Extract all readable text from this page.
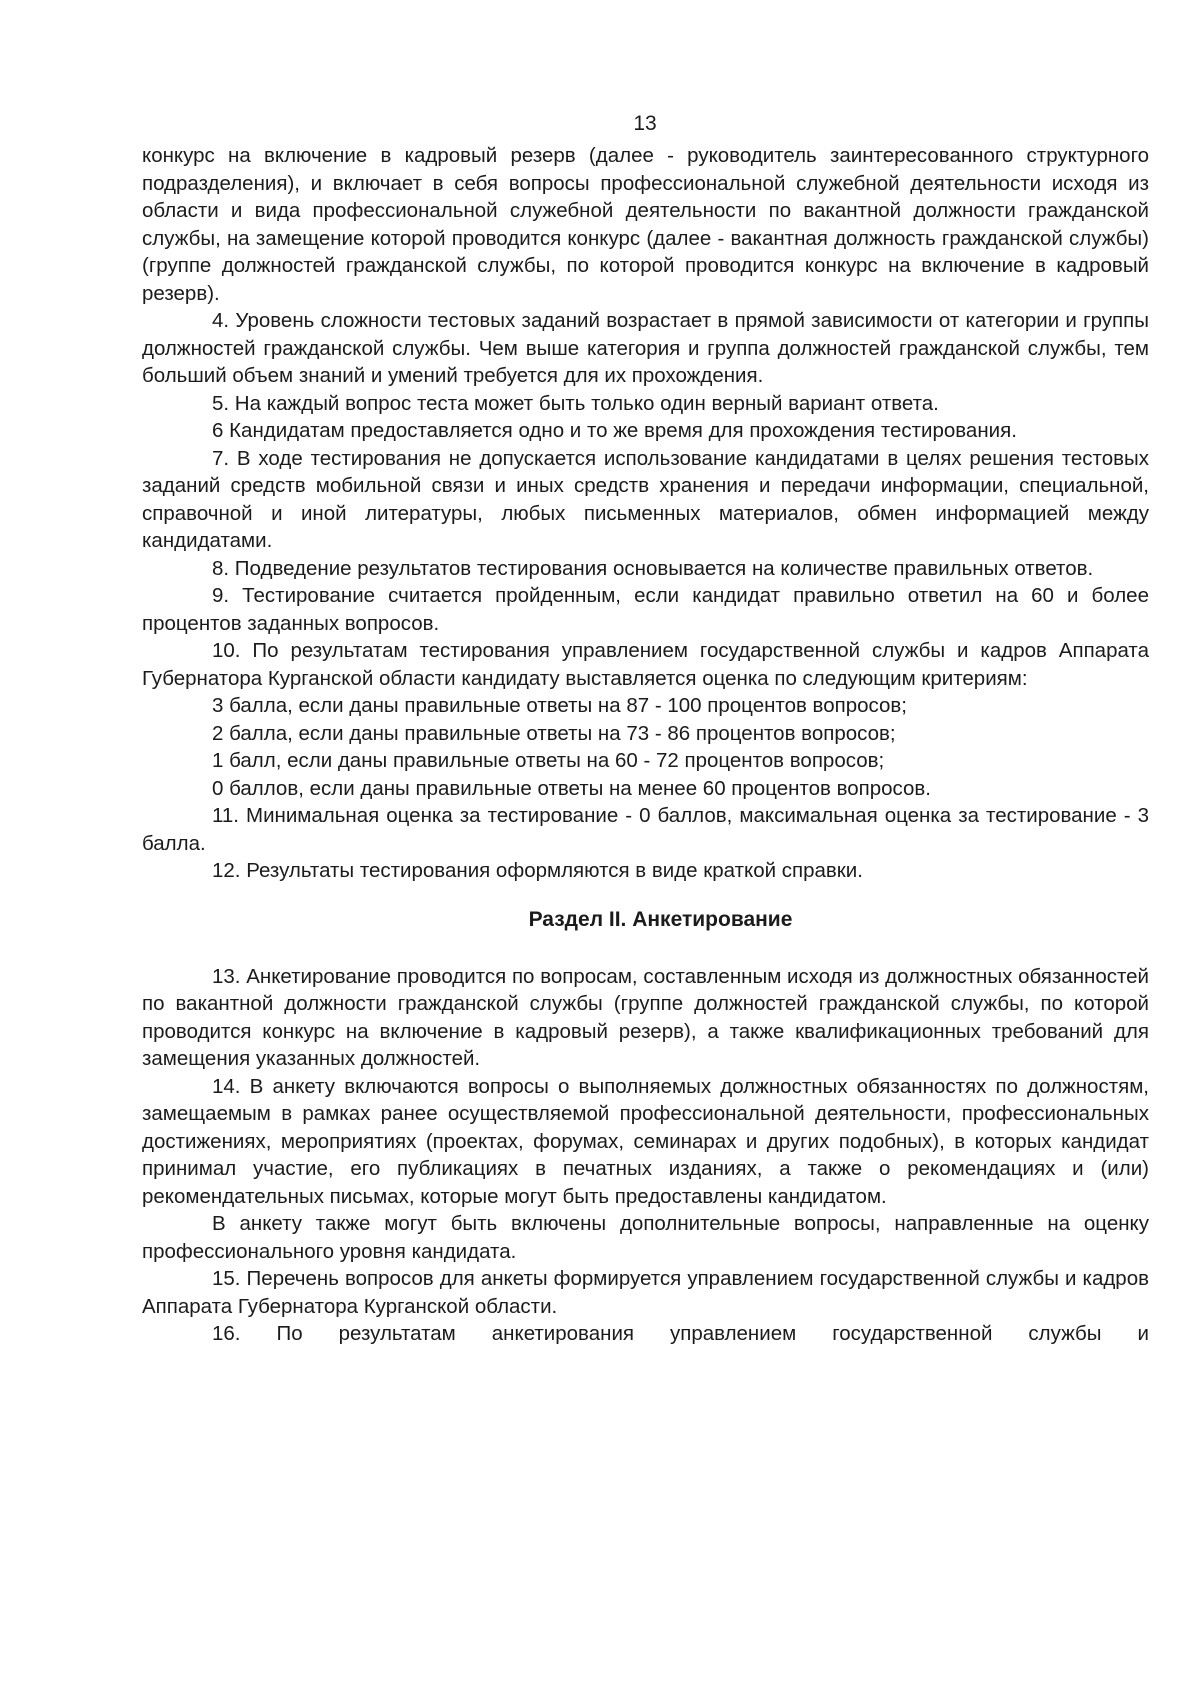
13

конкурс на включение в кадровый резерв (далее - руководитель заинтересованного структурного подразделения), и включает в себя вопросы профессиональной служебной деятельности исходя из области и вида профессиональной служебной деятельности по вакантной должности гражданской службы, на замещение которой проводится конкурс (далее - вакантная должность гражданской службы) (группе должностей гражданской службы, по которой проводится конкурс на включение в кадровый резерв).

4. Уровень сложности тестовых заданий возрастает в прямой зависимости от категории и группы должностей гражданской службы. Чем выше категория и группа должностей гражданской службы, тем больший объем знаний и умений требуется для их прохождения.

5. На каждый вопрос теста может быть только один верный вариант ответа.

6 Кандидатам предоставляется одно и то же время для прохождения тестирования.

7. В ходе тестирования не допускается использование кандидатами в целях решения тестовых заданий средств мобильной связи и иных средств хранения и передачи информации, специальной, справочной и иной литературы, любых письменных материалов, обмен информацией между кандидатами.

8. Подведение результатов тестирования основывается на количестве правильных ответов.

9. Тестирование считается пройденным, если кандидат правильно ответил на 60 и более процентов заданных вопросов.

10. По результатам тестирования управлением государственной службы и кадров Аппарата Губернатора Курганской области кандидату выставляется оценка по следующим критериям:

3 балла, если даны правильные ответы на 87 - 100 процентов вопросов;

2 балла, если даны правильные ответы на 73 - 86 процентов вопросов;

1 балл, если даны правильные ответы на 60 - 72 процентов вопросов;

0 баллов, если даны правильные ответы на менее 60 процентов вопросов.

11. Минимальная оценка за тестирование - 0 баллов, максимальная оценка за тестирование - 3 балла.

12. Результаты тестирования оформляются в виде краткой справки.

Раздел II. Анкетирование

13. Анкетирование проводится по вопросам, составленным исходя из должностных обязанностей по вакантной должности гражданской службы (группе должностей гражданской службы, по которой проводится конкурс на включение в кадровый резерв), а также квалификационных требований для замещения указанных должностей.

14. В анкету включаются вопросы о выполняемых должностных обязанностях по должностям, замещаемым в рамках ранее осуществляемой профессиональной деятельности, профессиональных достижениях, мероприятиях (проектах, форумах, семинарах и других подобных), в которых кандидат принимал участие, его публикациях в печатных изданиях, а также о рекомендациях и (или) рекомендательных письмах, которые могут быть предоставлены кандидатом.

В анкету также могут быть включены дополнительные вопросы, направленные на оценку профессионального уровня кандидата.

15. Перечень вопросов для анкеты формируется управлением государственной службы и кадров Аппарата Губернатора Курганской области.

16. По результатам анкетирования управлением государственной службы и
